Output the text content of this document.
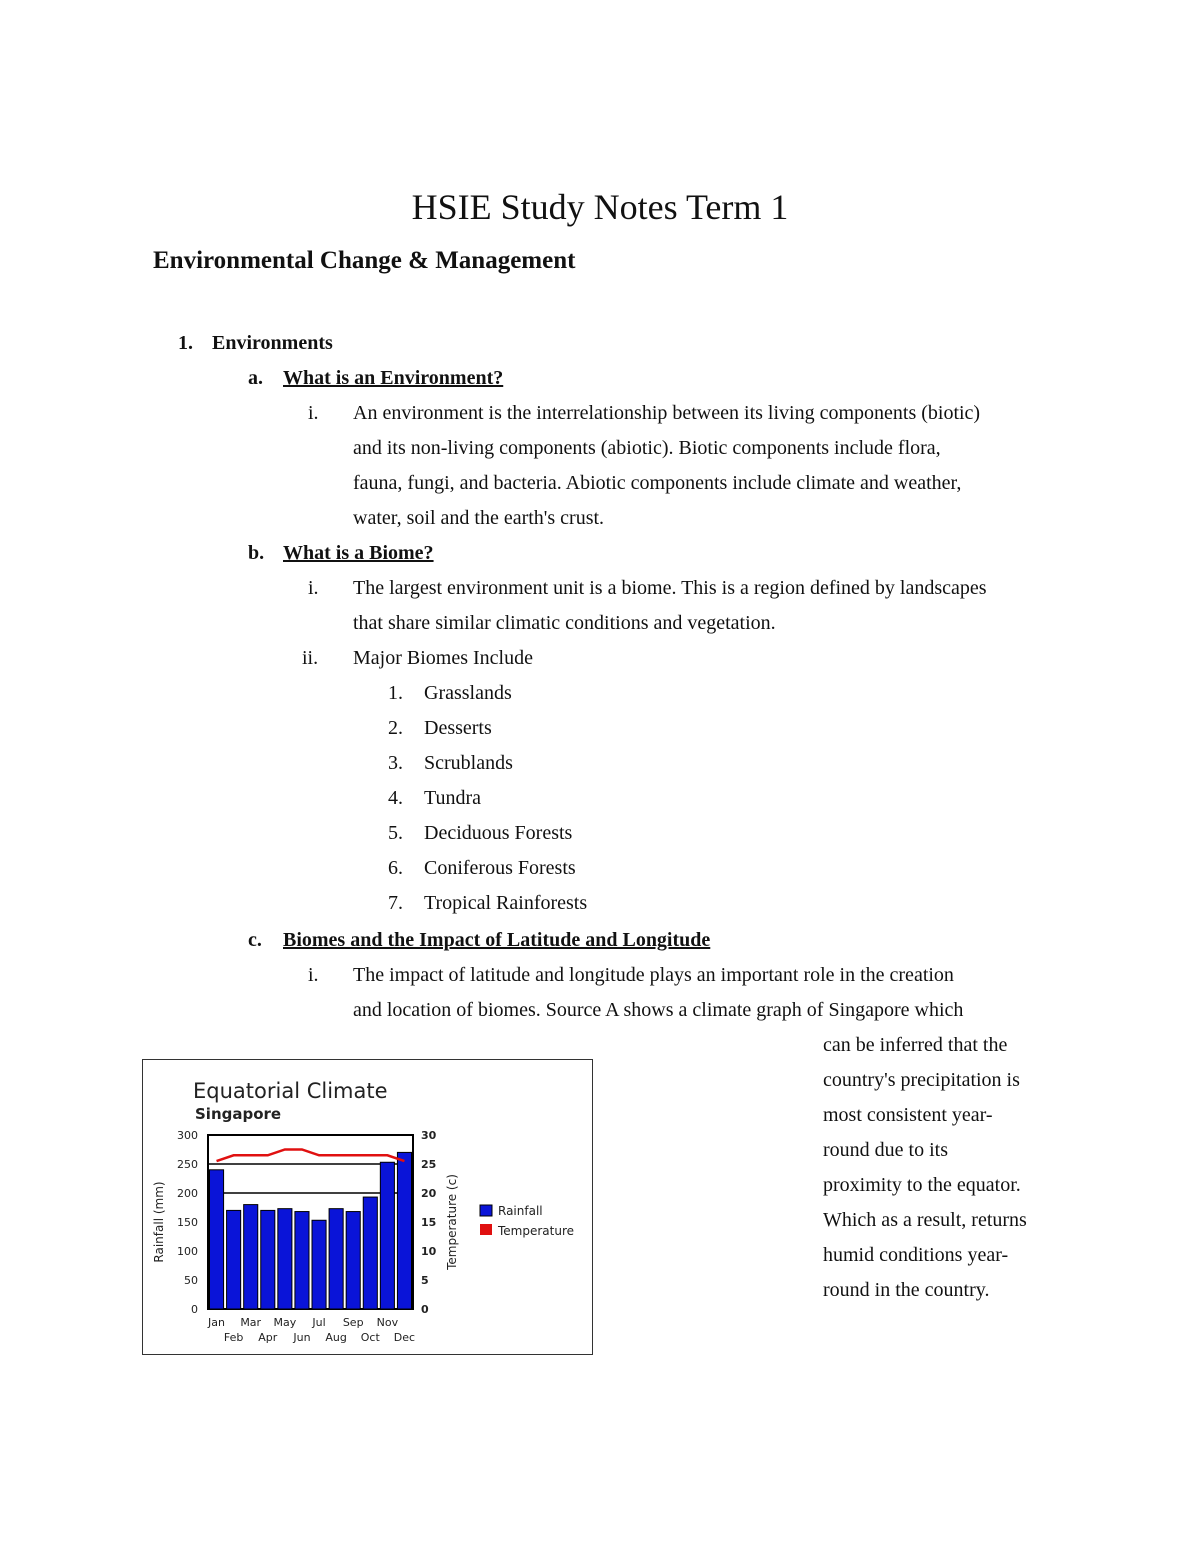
HSIE Study Notes Term 1
Environmental Change & Management
1. Environments
a. What is an Environment?
i. An environment is the interrelationship between its living components (biotic)
and its non-living components (abiotic). Biotic components include flora,
fauna, fungi, and bacteria. Abiotic components include climate and weather,
water, soil and the earth's crust.
b. What is a Biome?
i. The largest environment unit is a biome. This is a region defined by landscapes
that share similar climatic conditions and vegetation.
ii. Major Biomes Include
1. Grasslands
2. Desserts
3. Scrublands
4. Tundra
5. Deciduous Forests
6. Coniferous Forests
7. Tropical Rainforests
c. Biomes and the Impact of Latitude and Longitude
i. The impact of latitude and longitude plays an important role in the creation
and location of biomes. Source A shows a climate graph of Singapore which
can be inferred that the
country's precipitation is
most consistent year-
round due to its
proximity to the equator.
Which as a result, returns
humid conditions year-
round in the country.
Equatorial Climate
Singapore
0
50
100
150
200
250
300
0
5
10
15
20
25
30
Jan
Feb
Mar
Apr
May
Jun
Jul
Aug
Sep
Oct
Nov
Dec
Rainfall (mm)	Temperature (c)	Rainfall
Temperature
